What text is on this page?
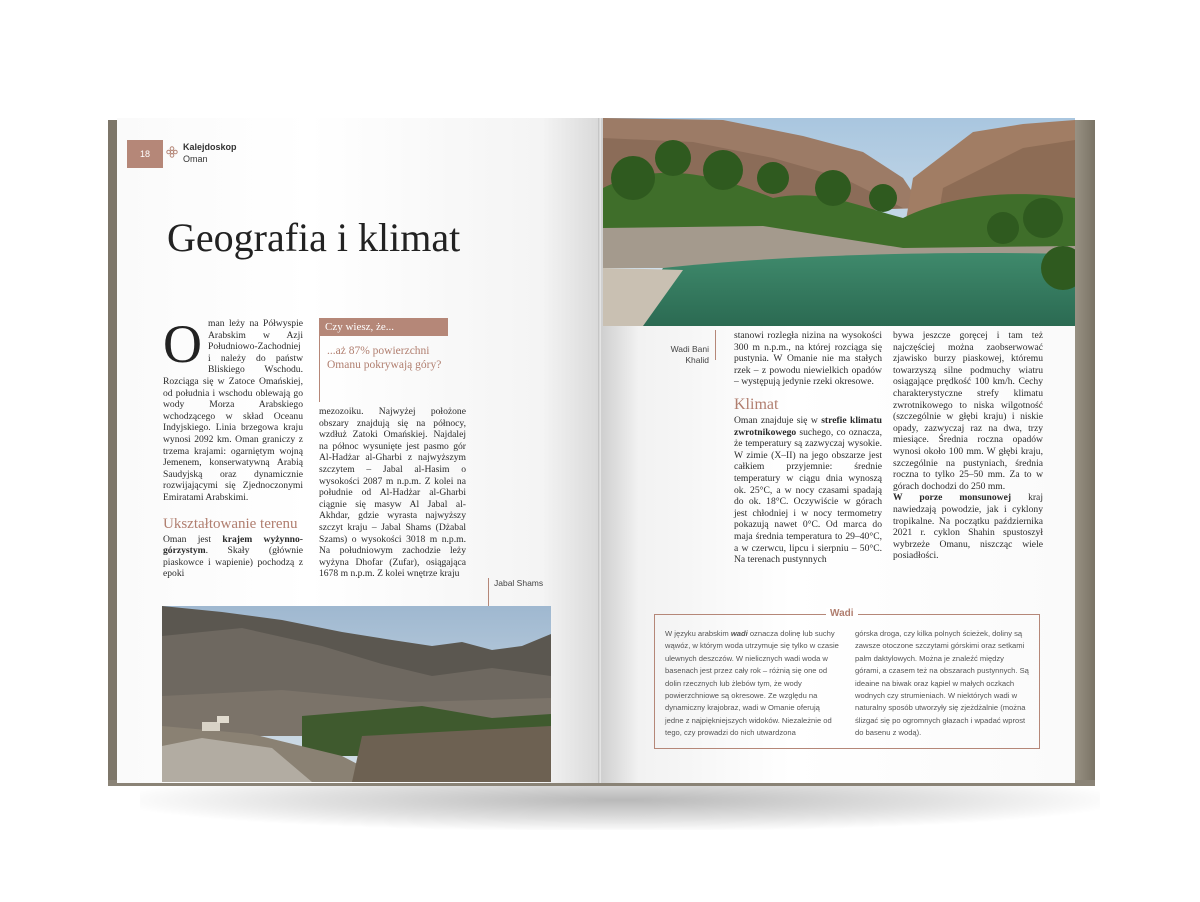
18
Kalejdoskop
Oman
Geografia i klimat
Oman leży na Półwyspie Arabskim w Azji Południowo-Zachodniej i należy do państw Bliskiego Wschodu. Rozciąga się w Zatoce Omańskiej, od południa i wschodu oblewają go wody Morza Arabskiego wchodzącego w skład Oceanu Indyjskiego. Linia brzegowa kraju wynosi 2092 km. Oman graniczy z trzema krajami: ogarniętym wojną Jemenem, konserwatywną Arabią Saudyjską oraz dynamicznie rozwijającymi się Zjednoczonymi Emiratami Arabskimi.
Ukształtowanie terenu
Oman jest krajem wyżynno-górzystym. Skały (głównie piaskowce i wapienie) pochodzą z epoki
Czy wiesz, że...
...aż 87% powierzchni Omanu pokrywają góry?
mezozoiku. Najwyżej położone obszary znajdują się na północy, wzdłuż Zatoki Omańskiej. Najdalej na północ wysunięte jest pasmo gór Al-Hadżar al-Gharbi z najwyższym szczytem – Jabal al-Hasim o wysokości 2087 m n.p.m. Z kolei na południe od Al-Hadżar al-Gharbi ciągnie się masyw Al Jabal al-Akhdar, gdzie wyrasta najwyższy szczyt kraju – Jabal Shams (Dżabal Szams) o wysokości 3018 m n.p.m. Na południowym zachodzie leży wyżyna Dhofar (Zufar), osiągająca 1678 m n.p.m. Z kolei wnętrze kraju
Jabal Shams
Wadi Bani Khalid
stanowi rozległa nizina na wysokości 300 m n.p.m., na której rozciąga się pustynia. W Omanie nie ma stałych rzek – z powodu niewielkich opadów – występują jedynie rzeki okresowe.
Klimat
Oman znajduje się w strefie klimatu zwrotnikowego suchego, co oznacza, że temperatury są zazwyczaj wysokie. W zimie (X–II) na jego obszarze jest całkiem przyjemnie: średnie temperatury w ciągu dnia wynoszą ok. 25°C, a w nocy czasami spadają do ok. 18°C. Oczywiście w górach jest chłodniej i w nocy termometry pokazują nawet 0°C. Od marca do maja średnia temperatura to 29–40°C, a w czerwcu, lipcu i sierpniu – 50°C. Na terenach pustynnych
bywa jeszcze goręcej i tam też najczęściej można zaobserwować zjawisko burzy piaskowej, któremu towarzyszą silne podmuchy wiatru osiągające prędkość 100 km/h. Cechy charakterystyczne strefy klimatu zwrotnikowego to niska wilgotność (szczególnie w głębi kraju) i niskie opady, zazwyczaj raz na dwa, trzy miesiące. Średnia roczna opadów wynosi około 100 mm. W głębi kraju, szczególnie na pustyniach, średnia roczna to tylko 25–50 mm. Za to w górach dochodzi do 250 mm.
W porze monsunowej kraj nawiedzają powodzie, jak i cyklony tropikalne. Na początku października 2021 r. cyklon Shahin spustoszył wybrzeże Omanu, niszcząc wiele posiadłości.
Wadi
W języku arabskim wadi oznacza dolinę lub suchy wąwóz, w którym woda utrzymuje się tylko w czasie ulewnych deszczów. W nielicznych wadi woda w basenach jest przez cały rok – różnią się one od dolin rzecznych lub żlebów tym, że wody powierzchniowe są okresowe. Ze względu na dynamiczny krajobraz, wadi w Omanie oferują jedne z najpiękniejszych widoków. Niezależnie od tego, czy prowadzi do nich utwardzona
górska droga, czy kilka polnych ścieżek, doliny są zawsze otoczone szczytami górskimi oraz setkami palm daktylowych. Można je znaleźć między górami, a czasem też na obszarach pustynnych. Są ideaine na biwak oraz kąpiel w małych oczkach wodnych czy strumieniach. W niektórych wadi w naturalny sposób utworzyły się zjeżdżalnie (można ślizgać się po ogromnych głazach i wpadać wprost do basenu z wodą).
